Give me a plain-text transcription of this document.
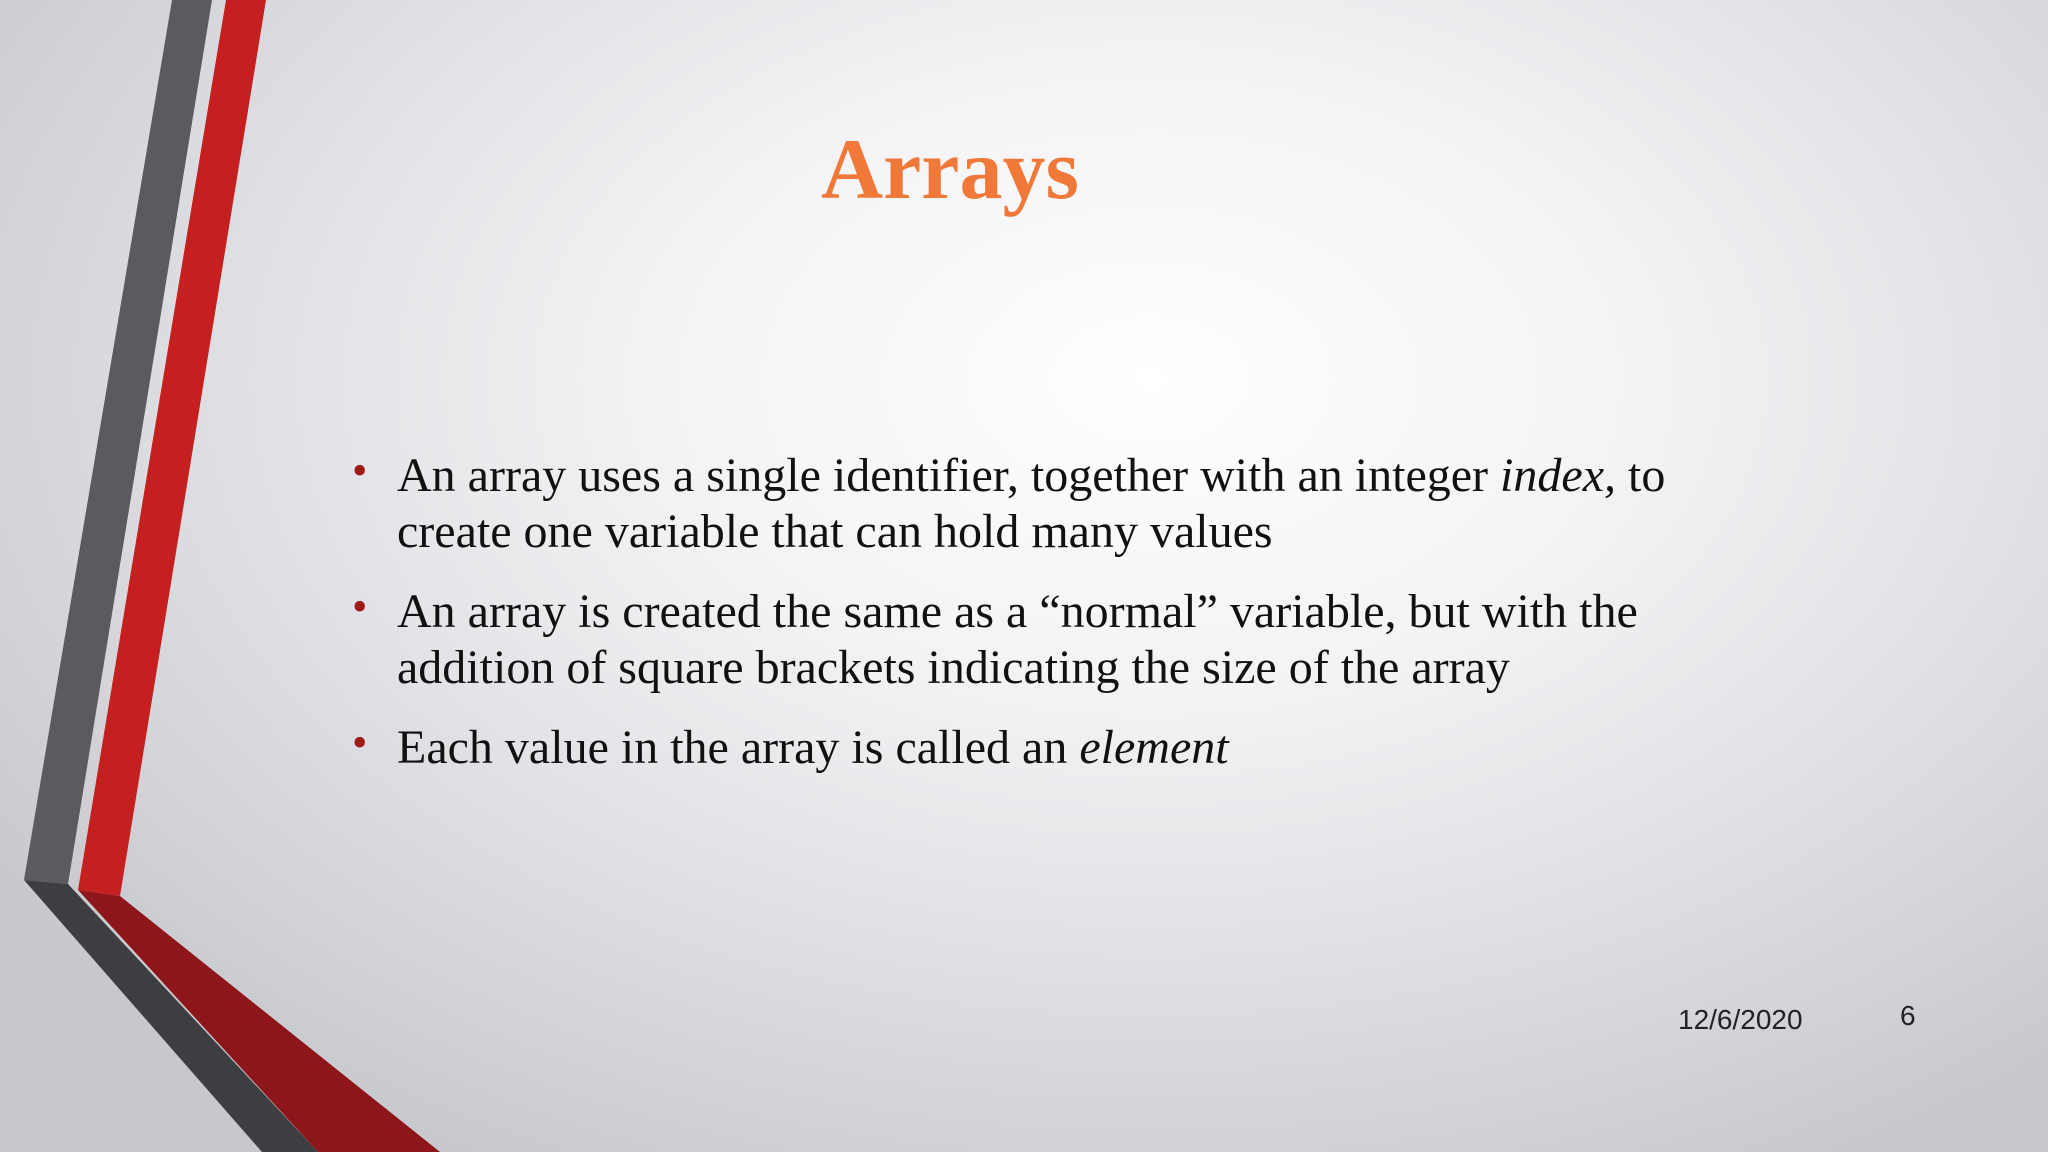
Arrays
• An array uses a single identifier, together with an integer index, to create one variable that can hold many values
• An array is created the same as a “normal” variable, but with the addition of square brackets indicating the size of the array
• Each value in the array is called an element
12/6/2020	6
